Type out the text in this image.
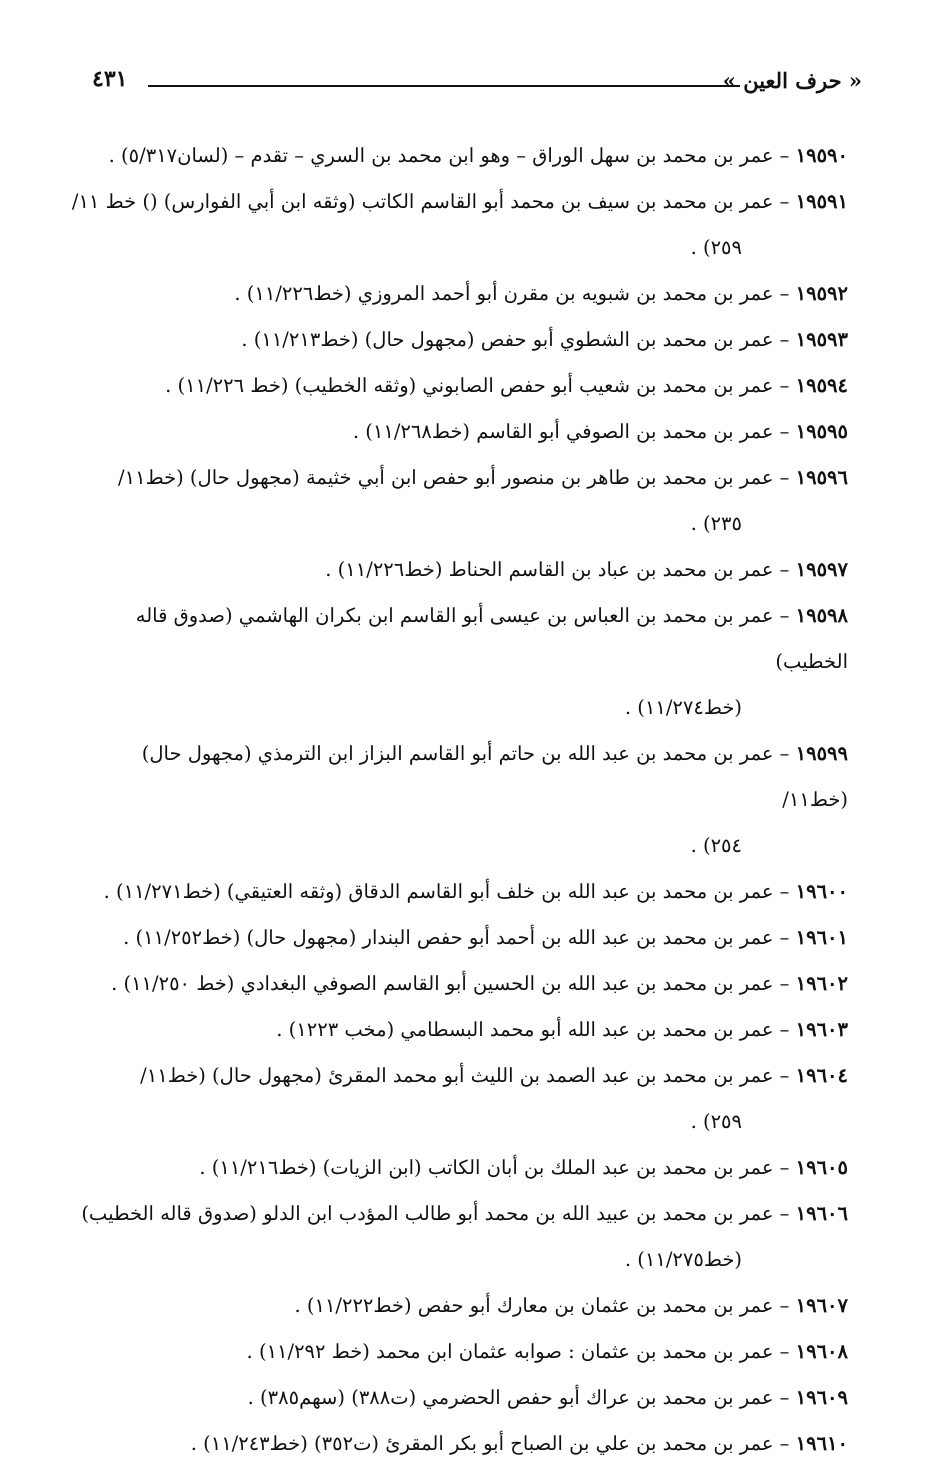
« حرف العين »
٤٣١
١٩٥٩٠ – عمر بن محمد بن سهل الوراق – وهو ابن محمد بن السري – تقدم – (لسان٥/٣١٧) .
١٩٥٩١ – عمر بن محمد بن سيف بن محمد أبو القاسم الكاتب (وثقه ابن أبي الفوارس) () خط ١١/
٢٥٩) .
١٩٥٩٢ – عمر بن محمد بن شبويه بن مقرن أبو أحمد المروزي (خط١١/٢٢٦) .
١٩٥٩٣ – عمر بن محمد بن الشطوي أبو حفص (مجهول حال) (خط١١/٢١٣) .
١٩٥٩٤ – عمر بن محمد بن شعيب أبو حفص الصابوني (وثقه الخطيب) (خط ١١/٢٢٦) .
١٩٥٩٥ – عمر بن محمد بن الصوفي أبو القاسم (خط١١/٢٦٨) .
١٩٥٩٦ – عمر بن محمد بن طاهر بن منصور أبو حفص ابن أبي خثيمة (مجهول حال) (خط١١/
٢٣٥) .
١٩٥٩٧ – عمر بن محمد بن عباد بن القاسم الحناط (خط١١/٢٢٦) .
١٩٥٩٨ – عمر بن محمد بن العباس بن عيسى أبو القاسم ابن بكران الهاشمي (صدوق قاله الخطيب)
(خط١١/٢٧٤) .
١٩٥٩٩ – عمر بن محمد بن عبد الله بن حاتم أبو القاسم البزاز ابن الترمذي (مجهول حال) (خط١١/
٢٥٤) .
١٩٦٠٠ – عمر بن محمد بن عبد الله بن خلف أبو القاسم الدقاق (وثقه العتيقي) (خط١١/٢٧١) .
١٩٦٠١ – عمر بن محمد بن عبد الله بن أحمد أبو حفص البندار (مجهول حال) (خط١١/٢٥٢) .
١٩٦٠٢ – عمر بن محمد بن عبد الله بن الحسين أبو القاسم الصوفي البغدادي (خط ١١/٢٥٠) .
١٩٦٠٣ – عمر بن محمد بن عبد الله أبو محمد البسطامي (مخب ١٢٢٣) .
١٩٦٠٤ – عمر بن محمد بن عبد الصمد بن الليث أبو محمد المقرئ (مجهول حال) (خط١١/
٢٥٩) .
١٩٦٠٥ – عمر بن محمد بن عبد الملك بن أبان الكاتب (ابن الزيات) (خط١١/٢١٦) .
١٩٦٠٦ – عمر بن محمد بن عبيد الله بن محمد أبو طالب المؤدب ابن الدلو (صدوق قاله الخطيب)
(خط١١/٢٧٥) .
١٩٦٠٧ – عمر بن محمد بن عثمان بن معارك أبو حفص (خط١١/٢٢٢) .
١٩٦٠٨ – عمر بن محمد بن عثمان : صوابه عثمان ابن محمد (خط ١١/٢٩٢) .
١٩٦٠٩ – عمر بن محمد بن عراك أبو حفص الحضرمي (ت٣٨٨) (سهم٣٨٥) .
١٩٦١٠ – عمر بن محمد بن علي بن الصباح أبو بكر المقرئ (ت٣٥٢) (خط١١/٢٤٣) .
